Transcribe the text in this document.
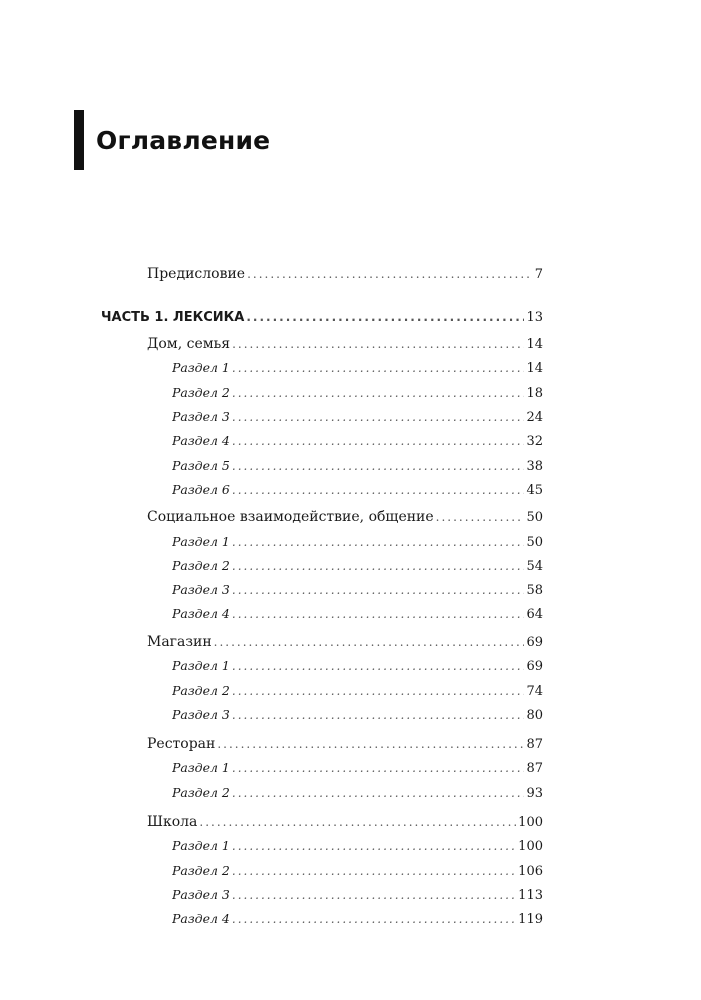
Оглавление
Предисловие .....	7
ЧАСТЬ 1. ЛЕКСИКА .....	13
Дом, семья .....	14
Раздел 1 .....	14
Раздел 2 .....	18
Раздел 3 .....	24
Раздел 4 .....	32
Раздел 5 .....	38
Раздел 6 .....	45
Социальное взаимодействие, общение .....	50
Раздел 1 .....	50
Раздел 2 .....	54
Раздел 3 .....	58
Раздел 4 .....	64
Магазин .....	69
Раздел 1 .....	69
Раздел 2 .....	74
Раздел 3 .....	80
Ресторан .....	87
Раздел 1 .....	87
Раздел 2 .....	93
Школа .....	100
Раздел 1 .....	100
Раздел 2 .....	106
Раздел 3 .....	113
Раздел 4 .....	119
